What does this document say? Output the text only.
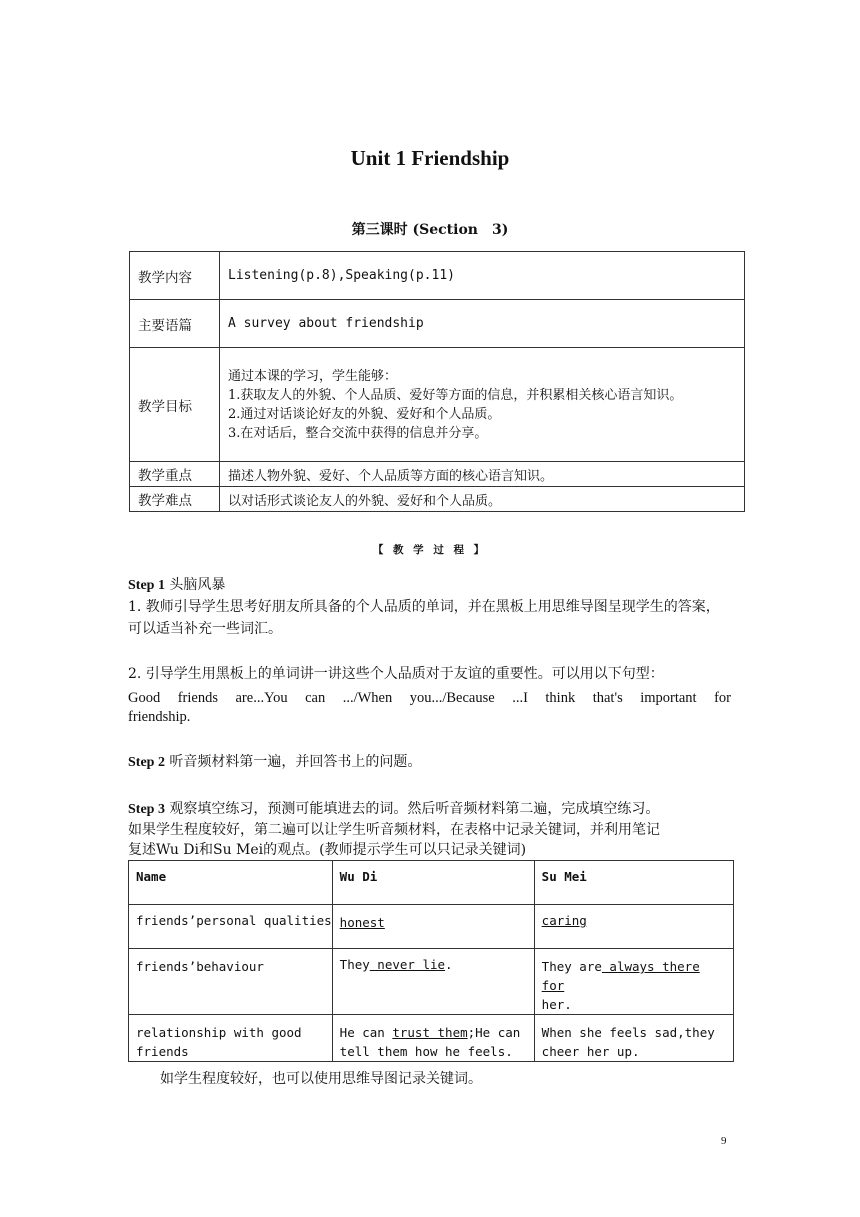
Unit 1 Friendship
第三课时 (Section　3)
教学内容	Listening(p.8),Speaking(p.11)
主要语篇	A survey about friendship
教学目标	通过本课的学习，学生能够：
1.获取友人的外貌、个人品质、爱好等方面的信息，并积累相关核心语言知识。
2.通过对话谈论好友的外貌、爱好和个人品质。
3.在对话后，整合交流中获得的信息并分享。

教学重点	描述人物外貌、爱好、个人品质等方面的核心语言知识。
教学难点	以对话形式谈论友人的外貌、爱好和个人品质。
【 教 学 过 程 】
Step 1 头脑风暴
1. 教师引导学生思考好朋友所具备的个人品质的单词，并在黑板上用思维导图呈现学生的答案，可以适当补充一些词汇。
2. 引导学生用黑板上的单词讲一讲这些个人品质对于友谊的重要性。可以用以下句型：
Good friends are...You can .../When you.../Because ...I think that's important for
friendship.
Step 2 听音频材料第一遍，并回答书上的问题。
Step 3 观察填空练习，预测可能填进去的词。然后听音频材料第二遍，完成填空练习。
如果学生程度较好，第二遍可以让学生听音频材料，在表格中记录关键词，并利用笔记
复述Wu Di和Su Mei的观点。(教师提示学生可以只记录关键词)
Name	Wu Di	Su Mei
friends’personal qualities	honest	caring
friends’behaviour	They never lie.	They are always there for
her.
relationship with good friends	He can trust them;He can tell them how he feels.	When she feels sad,they cheer her up.
如学生程度较好，也可以使用思维导图记录关键词。
9
